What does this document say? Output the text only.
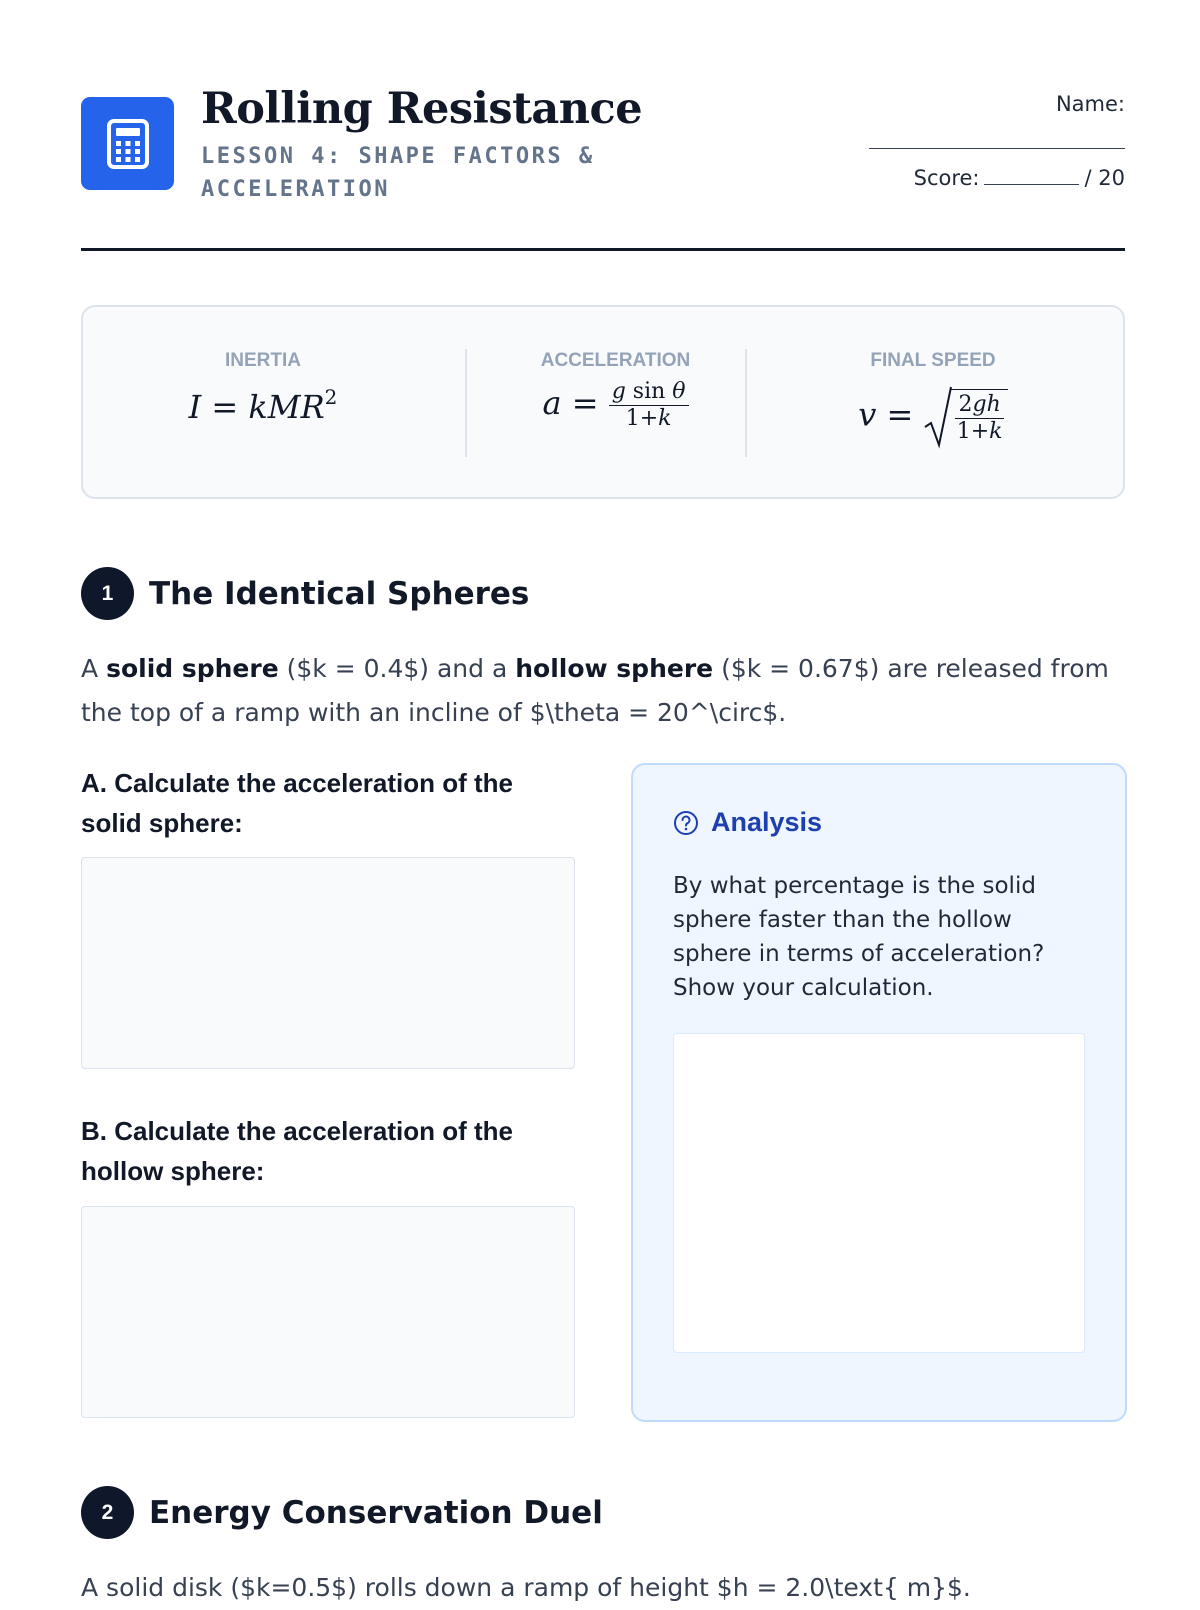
Rolling Resistance

LESSON 4: SHAPE FACTORS & ACCELERATION

Name:
Score:	/ 20
INERTIA
I = kMR$^2$
ACCELERATION
$a = \frac{\text{g sin θ}}{1+k}$
FINAL SPEED
$v = \frac{2gh}{1+k}$
1	The Identical Spheres

A solid sphere ($k = 0.4$) and a hollow sphere ($k = 0.67$) are released from the top of a ramp with an incline of $\theta = 20^\circ$.

A. Calculate the acceleration of the solid sphere:

B. Calculate the acceleration of the hollow sphere:

Analysis

By what percentage is the solid sphere faster than the hollow sphere in terms of acceleration? Show your calculation.

2	Energy Conservation Duel

A solid disk ($k=0.5$) rolls down a ramp of height $h = 2.0\text{ m}$.
